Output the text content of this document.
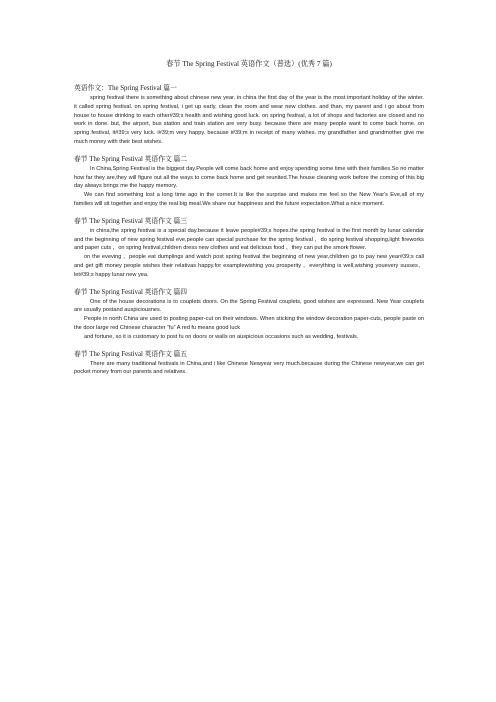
春节 The Spring Festival 英语作文（普选）(优秀 7 篇)
英语作文：The Spring Festival 篇一

spring festival there is something about chinese new year. in china the first day of the year is the most important holiday of the winter. it called spring festival. on spring festival, i get up early, clean the room and wear new clothes. and than, my parent and i go about from house to house drinking to each other#39;s health and wishing good luck. on spring festival, a lot of shops and factories are closed and no work in done. but, the airport, bus station and train station are very busy. because there are many people want to come back home. on spring festival, it#39;s very luck. i#39;m very happy. because i#39;m in receipt of many wishes. my grandfather and grandmother give me much money with their best wishes.

春节 The Spring Festival 英语作文 篇二

In China,Spring Festival is the biggest day.People will come back home and enjoy spending some time with their families.So no matter how far they are,they will figure out all the ways to come back home and get reunited.The house cleaning work before the coming of this big day always brings me the happy memory.

We can find something lost a long time ago in the corner.It is like the surprise and makes me feel so the New Year's Eve,all of my families will sit together and enjoy the real big meal.We share our happiness and the future expectation.What a nice moment.

春节 The Spring Festival 英语作文 篇三

in china,the spring festivai is a special day.because it leave people#39;s hopes.the spring festival is the first month by lunar calendar and the beginning of new spring festival eve,people can special purchase for the spring festival ，do spring festival shopping,light fireworks and paper cuts ，on spring festival,children dress new clothes and eat delicious food ，they can put the smork flower.

on the eveving ，people eat dumplings and watch post spring festival the beginning of new year,children go to pay new year#39;s call and get gift money people wishes their relativas happy.for examplewishing you prosperity ，everything is well,wishing youevery susses，let#39;s happy lunar new yea.

春节 The Spring Festival 英语作文 篇四

One of the house decorations is to couplets doors. On the Spring Festival couplets, good wishes are expressed. New Year couplets are usually postand auspiciousnes.

People in north China are used to posting paper-cut on their windows. When sticking the window decoration paper-cuts, people paste on the door large red Chinese character “fu” A red fu means good luck

and fortune, so it is customary to post fu on doors or walls on auspicious occasions such as wedding, festivals.

春节 The Spring Festival 英语作文 篇五

There are many traditional festivals in China,and i like Chinese Newyear very much.because during the Chinese newyear,we can get pocket money from our parents and relatives.
